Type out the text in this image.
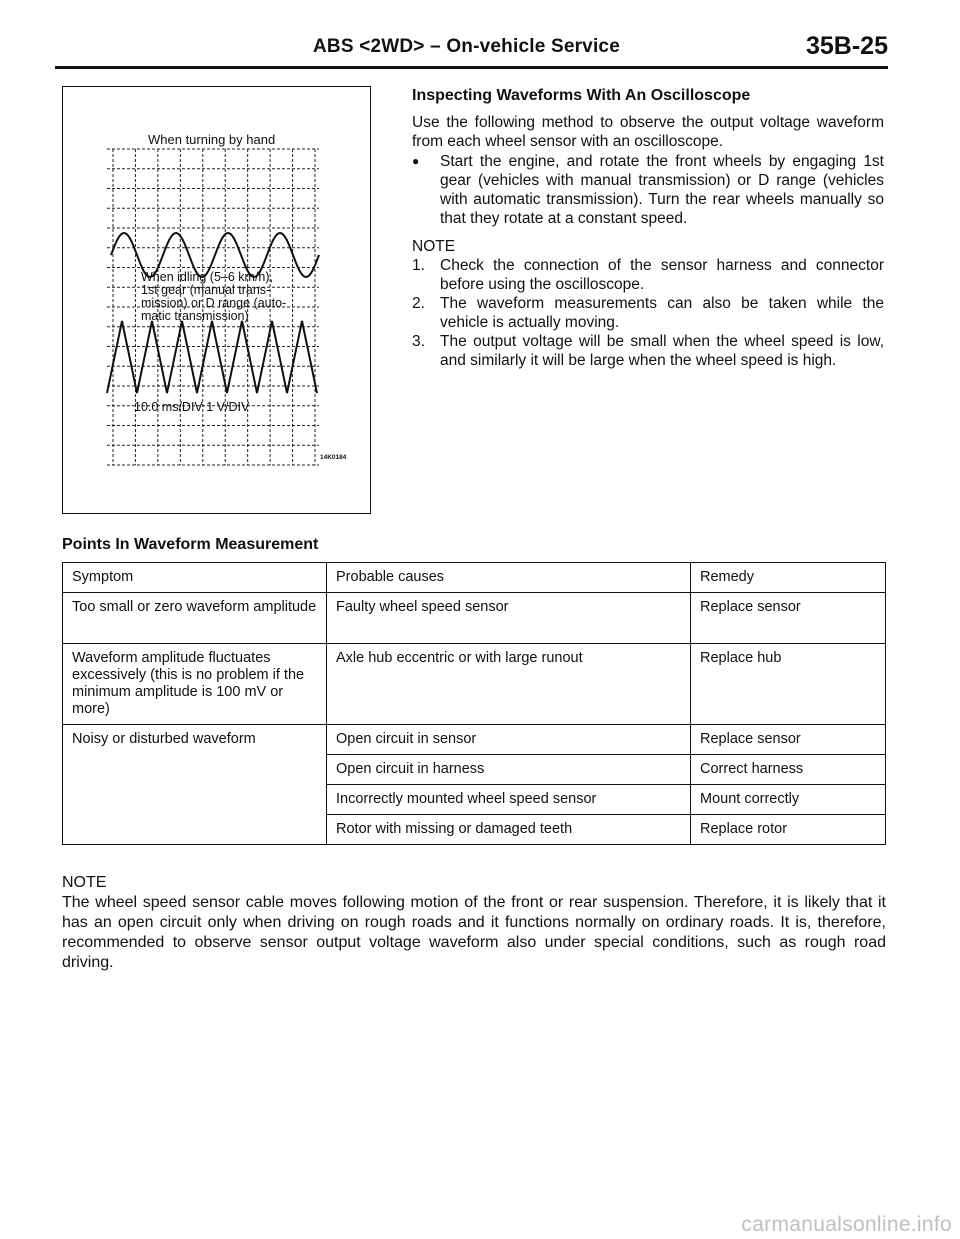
ABS <2WD> – On-vehicle Service	35B-25
When turning by hand
When idling (5–6 km/h),
1st gear (manual trans-
mission) or D range (auto-
matic transmission)
10.0 ms/DIV 1 V/DIV
14K0184
Inspecting Waveforms With An Oscilloscope

Use the following method to observe the output voltage waveform from each wheel sensor with an oscilloscope.

●	Start the engine, and rotate the front wheels by engaging 1st gear (vehicles with manual transmission) or D range (vehicles with automatic transmission). Turn the rear wheels manually so that they rotate at a constant speed.
NOTE
1. Check the connection of the sensor harness and connector before using the oscilloscope.
2. The waveform measurements can also be taken while the vehicle is actually moving.
3. The output voltage will be small when the wheel speed is low, and similarly it will be large when the wheel speed is high.
Points In Waveform Measurement
Symptom	Probable causes	Remedy
Too small or zero waveform amplitude	Faulty wheel speed sensor	Replace sensor
Waveform amplitude fluctuates excessively (this is no problem if the minimum amplitude is 100 mV or more)	Axle hub eccentric or with large runout	Replace hub
Noisy or disturbed waveform	Open circuit in sensor	Replace sensor
	Open circuit in harness	Correct harness
	Incorrectly mounted wheel speed sensor	Mount correctly
	Rotor with missing or damaged teeth	Replace rotor
NOTE
The wheel speed sensor cable moves following motion of the front or rear suspension. Therefore, it is likely that it has an open circuit only when driving on rough roads and it functions normally on ordinary roads. It is, therefore, recommended to observe sensor output voltage waveform also under special conditions, such as rough road driving.
carmanualsonline.info
